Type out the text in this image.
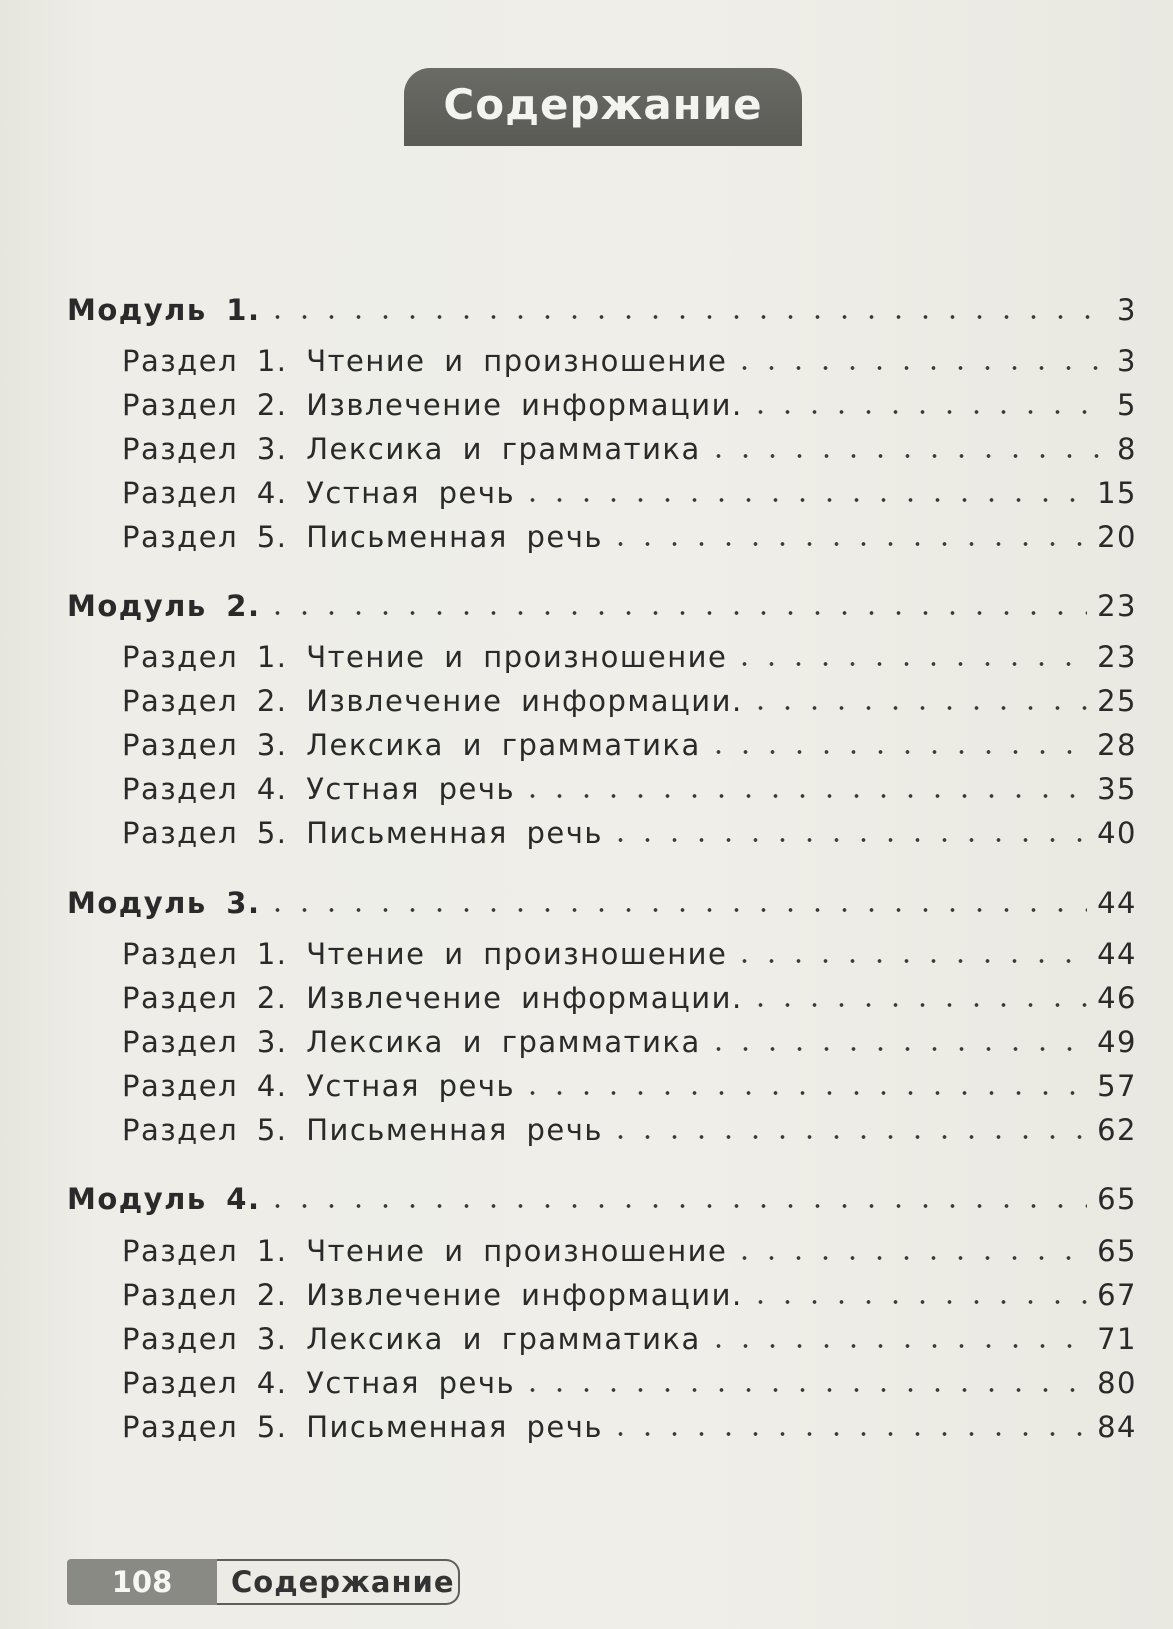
Содержание
Модуль 1.	3
Раздел 1. Чтение и произношение	3
Раздел 2. Извлечение информации.	5
Раздел 3. Лексика и грамматика	8
Раздел 4. Устная речь	15
Раздел 5. Письменная речь	20
Модуль 2.	23
Раздел 1. Чтение и произношение	23
Раздел 2. Извлечение информации.	25
Раздел 3. Лексика и грамматика	28
Раздел 4. Устная речь	35
Раздел 5. Письменная речь	40
Модуль 3.	44
Раздел 1. Чтение и произношение	44
Раздел 2. Извлечение информации.	46
Раздел 3. Лексика и грамматика	49
Раздел 4. Устная речь	57
Раздел 5. Письменная речь	62
Модуль 4.	65
Раздел 1. Чтение и произношение	65
Раздел 2. Извлечение информации.	67
Раздел 3. Лексика и грамматика	71
Раздел 4. Устная речь	80
Раздел 5. Письменная речь	84
108	Содержание
